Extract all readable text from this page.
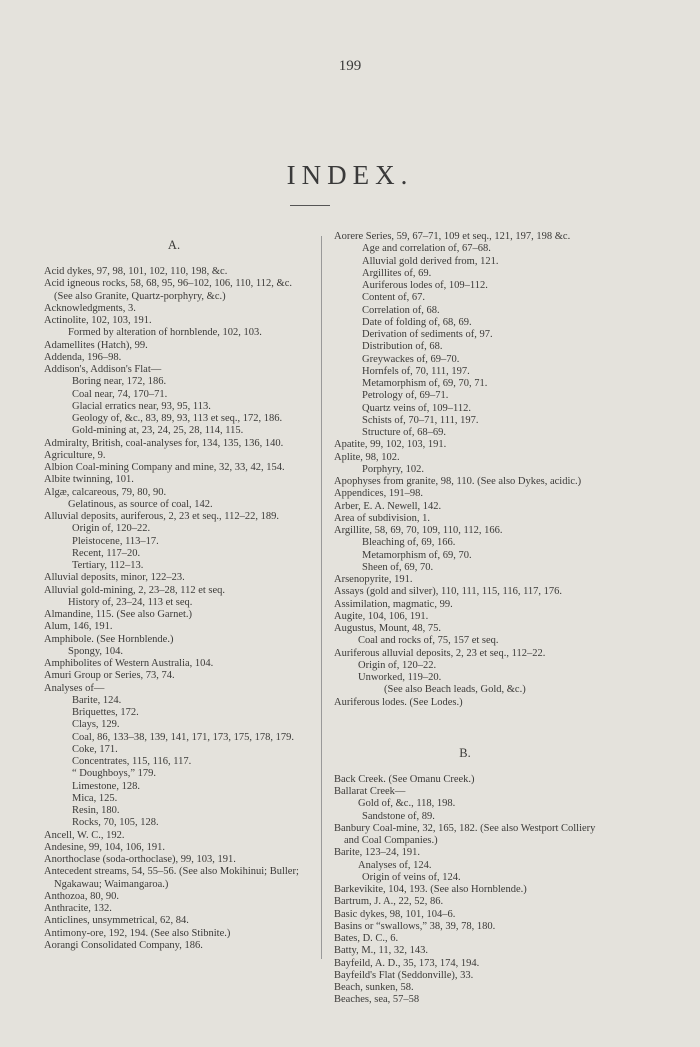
199
INDEX.
A.
Acid dykes, 97, 98, 101, 102, 110, 198, &c.
Acid igneous rocks, 58, 68, 95, 96–102, 106, 110, 112, &c. (See also Granite, Quartz-porphyry, &c.)
Acknowledgments, 3.
Actinolite, 102, 103, 191.
Formed by alteration of hornblende, 102, 103.
Adamellites (Hatch), 99.
Addenda, 196–98.
Addison's, Addison's Flat—
Boring near, 172, 186.
Coal near, 74, 170–71.
Glacial erratics near, 93, 95, 113.
Geology of, &c., 83, 89, 93, 113 et seq., 172, 186.
Gold-mining at, 23, 24, 25, 28, 114, 115.
Admiralty, British, coal-analyses for, 134, 135, 136, 140.
Agriculture, 9.
Albion Coal-mining Company and mine, 32, 33, 42, 154.
Albite twinning, 101.
Algæ, calcareous, 79, 80, 90.
Gelatinous, as source of coal, 142.
Alluvial deposits, auriferous, 2, 23 et seq., 112–22, 189.
Origin of, 120–22.
Pleistocene, 113–17.
Recent, 117–20.
Tertiary, 112–13.
Alluvial deposits, minor, 122–23.
Alluvial gold-mining, 2, 23–28, 112 et seq.
History of, 23–24, 113 et seq.
Almandine, 115. (See also Garnet.)
Alum, 146, 191.
Amphibole. (See Hornblende.)
Spongy, 104.
Amphibolites of Western Australia, 104.
Amuri Group or Series, 73, 74.
Analyses of—
Barite, 124.
Briquettes, 172.
Clays, 129.
Coal, 86, 133–38, 139, 141, 171, 173, 175, 178, 179.
Coke, 171.
Concentrates, 115, 116, 117.
“ Doughboys,” 179.
Limestone, 128.
Mica, 125.
Resin, 180.
Rocks, 70, 105, 128.
Ancell, W. C., 192.
Andesine, 99, 104, 106, 191.
Anorthoclase (soda-orthoclase), 99, 103, 191.
Antecedent streams, 54, 55–56. (See also Mokihinui; Buller; Ngakawau; Waimangaroa.)
Anthozoa, 80, 90.
Anthracite, 132.
Anticlines, unsymmetrical, 62, 84.
Antimony-ore, 192, 194. (See also Stibnite.)
Aorangi Consolidated Company, 186.
Aorere Series, 59, 67–71, 109 et seq., 121, 197, 198 &c.
Age and correlation of, 67–68.
Alluvial gold derived from, 121.
Argillites of, 69.
Auriferous lodes of, 109–112.
Content of, 67.
Correlation of, 68.
Date of folding of, 68, 69.
Derivation of sediments of, 97.
Distribution of, 68.
Greywackes of, 69–70.
Hornfels of, 70, 111, 197.
Metamorphism of, 69, 70, 71.
Petrology of, 69–71.
Quartz veins of, 109–112.
Schists of, 70–71, 111, 197.
Structure of, 68–69.
Apatite, 99, 102, 103, 191.
Aplite, 98, 102.
Porphyry, 102.
Apophyses from granite, 98, 110. (See also Dykes, acidic.)
Appendices, 191–98.
Arber, E. A. Newell, 142.
Area of subdivision, 1.
Argillite, 58, 69, 70, 109, 110, 112, 166.
Bleaching of, 69, 166.
Metamorphism of, 69, 70.
Sheen of, 69, 70.
Arsenopyrite, 191.
Assays (gold and silver), 110, 111, 115, 116, 117, 176.
Assimilation, magmatic, 99.
Augite, 104, 106, 191.
Augustus, Mount, 48, 75.
Coal and rocks of, 75, 157 et seq.
Auriferous alluvial deposits, 2, 23 et seq., 112–22.
Origin of, 120–22.
Unworked, 119–20.
(See also Beach leads, Gold, &c.)
Auriferous lodes. (See Lodes.)
B.
Back Creek. (See Omanu Creek.)
Ballarat Creek—
Gold of, &c., 118, 198.
Sandstone of, 89.
Banbury Coal-mine, 32, 165, 182. (See also Westport Colliery and Coal Companies.)
Barite, 123–24, 191.
Analyses of, 124.
Origin of veins of, 124.
Barkevikite, 104, 193. (See also Hornblende.)
Bartrum, J. A., 22, 52, 86.
Basic dykes, 98, 101, 104–6.
Basins or “swallows,” 38, 39, 78, 180.
Bates, D. C., 6.
Batty, M., 11, 32, 143.
Bayfeild, A. D., 35, 173, 174, 194.
Bayfeild's Flat (Seddonville), 33.
Beach, sunken, 58.
Beaches, sea, 57–58
